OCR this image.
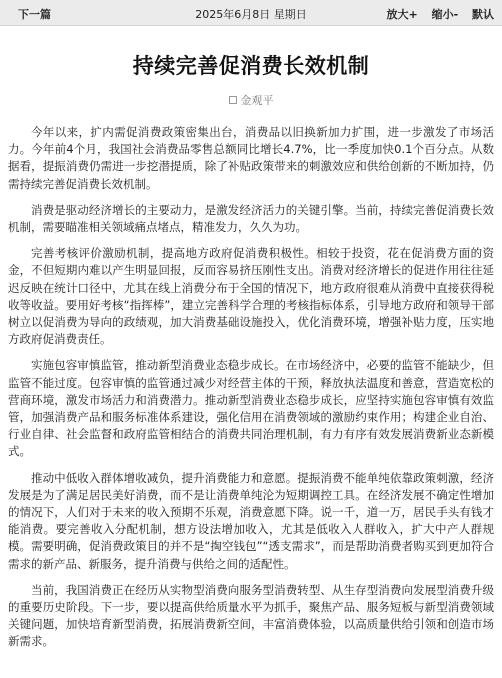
下一篇	2025年6月8日 星期日	放大+ 缩小- 默认
持续完善促消费长效机制
金观平

今年以来，扩内需促消费政策密集出台，消费品以旧换新加力扩围，进一步激发了市场活力。今年前4个月，我国社会消费品零售总额同比增长4.7%，比一季度加快0.1个百分点。从数据看，提振消费仍需进一步挖潜提质，除了补贴政策带来的刺激效应和供给创新的不断加持，仍需持续完善促消费长效机制。

消费是驱动经济增长的主要动力，是激发经济活力的关键引擎。当前，持续完善促消费长效机制，需要瞄准相关领域痛点堵点，精准发力，久久为功。

完善考核评价激励机制，提高地方政府促消费积极性。相较于投资，花在促消费方面的资金，不但短期内难以产生明显回报，反而容易挤压刚性支出。消费对经济增长的促进作用往往延迟反映在统计口径中，尤其在线上消费分布于全国的情况下，地方政府很难从消费中直接获得税收等收益。要用好考核“指挥棒”，建立完善科学合理的考核指标体系，引导地方政府和领导干部树立以促消费为导向的政绩观，加大消费基础设施投入，优化消费环境，增强补贴力度，压实地方政府促消费责任。

实施包容审慎监管，推动新型消费业态稳步成长。在市场经济中，必要的监管不能缺少，但监管不能过度。包容审慎的监管通过减少对经营主体的干预，释放执法温度和善意，营造宽松的营商环境，激发市场活力和消费潜力。推动新型消费业态稳步成长，应坚持实施包容审慎有效监管，加强消费产品和服务标准体系建设，强化信用在消费领域的激励约束作用；构建企业自治、行业自律、社会监督和政府监管相结合的消费共同治理机制，有力有序有效发展消费新业态新模式。

推动中低收入群体增收减负，提升消费能力和意愿。提振消费不能单纯依靠政策刺激，经济发展是为了满足居民美好消费，而不是让消费单纯沦为短期调控工具。在经济发展不确定性增加的情况下，人们对于未来的收入预期不乐观，消费意愿下降。说一千，道一万，居民手头有钱才能消费。要完善收入分配机制，想方设法增加收入，尤其是低收入人群收入，扩大中产人群规模。需要明确，促消费政策目的并不是“掏空钱包”“透支需求”，而是帮助消费者购买到更加符合需求的新产品、新服务，提升消费与供给之间的适配性。

当前，我国消费正在经历从实物型消费向服务型消费转型、从生存型消费向发展型消费升级的重要历史阶段。下一步，要以提高供给质量水平为抓手，聚焦产品、服务短板与新型消费领域关键问题，加快培育新型消费，拓展消费新空间，丰富消费体验，以高质量供给引领和创造市场新需求。
